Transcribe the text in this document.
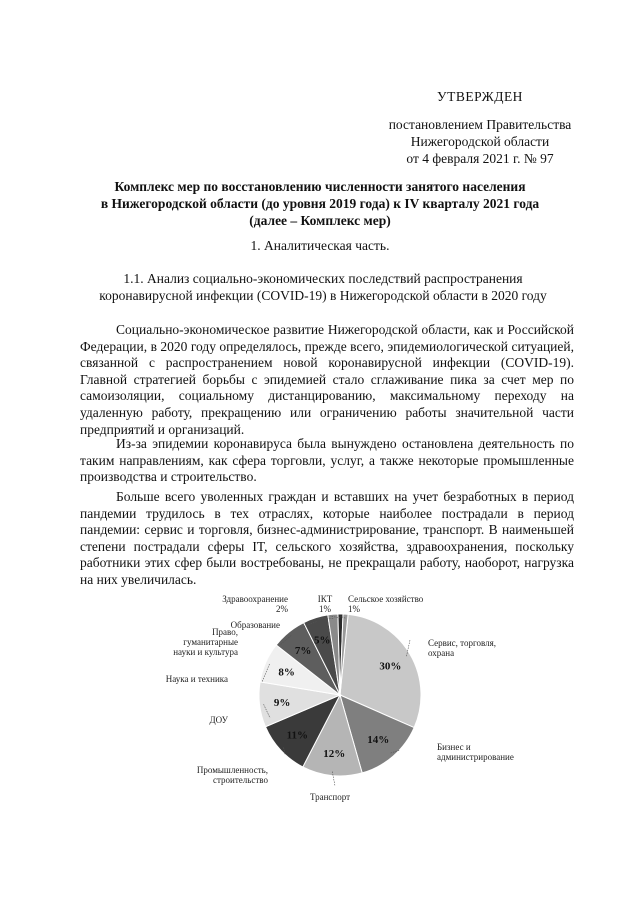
УТВЕРЖДЕН
постановлением Правительства
Нижегородской области
от 4 февраля 2021 г. № 97
Комплекс мер по восстановлению численности занятого населения
в Нижегородской области (до уровня 2019 года) к IV кварталу 2021 года
(далее – Комплекс мер)
1. Аналитическая часть.
1.1. Анализ социально-экономических последствий распространения
коронавирусной инфекции (COVID-19) в Нижегородской области в 2020 году

Социально-экономическое развитие Нижегородской области, как и Российской Федерации, в 2020 году определялось, прежде всего, эпидемиологической ситуацией, связанной с распространением новой коронавирусной инфекции (COVID-19). Главной стратегией борьбы с эпидемией стало сглаживание пика за счет мер по самоизоляции, социальному дистанцированию, максимальному переходу на удаленную работу, прекращению или ограничению работы значительной части предприятий и организаций.

Из-за эпидемии коронавируса была вынуждено остановлена деятельность по таким направлениям, как сфера торговли, услуг, а также некоторые промышленные производства и строительство.

Больше всего уволенных граждан и вставших на учет безработных в период пандемии трудилось в тех отраслях, которые наиболее пострадали в период пандемии: сервис и торговля, бизнес-администрирование, транспорт. В наименьшей степени пострадали сферы IT, сельского хозяйства, здравоохранения, поскольку работники этих сфер были востребованы, не прекращали работу, наоборот, нагрузка на них увеличилась.

30%
Сервис, торговля, охрана
14%
Бизнес и администрирование
12%
Транспорт
11%
Промышленность, строительство
9%
ДОУ
8%
Наука и техника
7%
Право, гуманитарные науки и культура
5%
Образование
Здравоохранение 2%
IКТ 1%
Сельское хозяйство 1%
